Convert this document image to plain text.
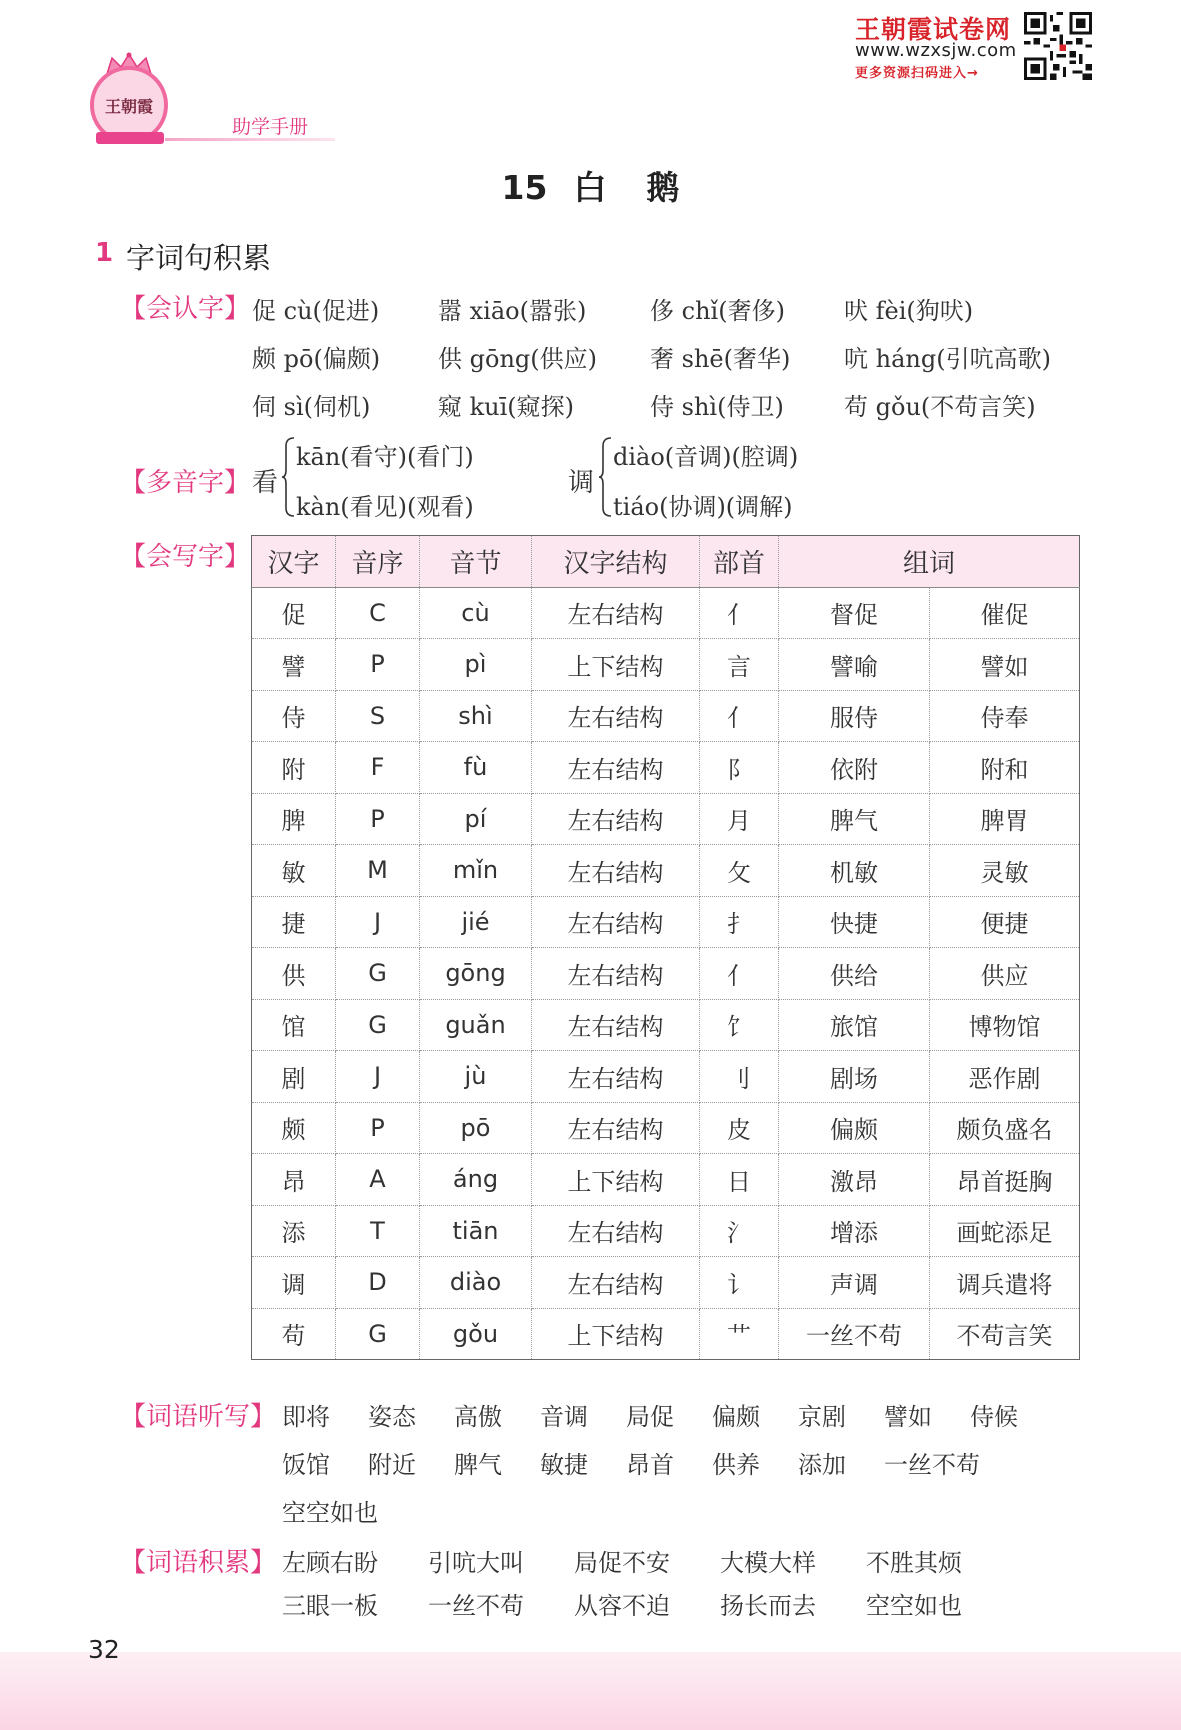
王朝霞
助学手册
王朝霞试卷网
www.wzxsjw.com
更多资源扫码进入→
15 白 鹅
1 字词句积累
【会认字】 促 cù(促进) 嚣 xiāo(嚣张)	侈 chǐ(奢侈) 吠 fèi(狗吠)
颇 pō(偏颇) 供 gōng(供应) 奢 shē(奢华) 吭 háng(引吭高歌)
伺 sì(伺机)	窥 kuī(窥探)	侍 shì(侍卫)	苟 gǒu(不苟言笑)
【多音字】 看
kān(看守)(看门)
kàn(看见)(观看)
调
diào(音调)(腔调)
tiáo(协调)(调解)
【会写字】 汉字	音序	音节	汉字结构	部首	组词	
促	C	cù	左右结构	亻	督促	催促
譬	P	pì	上下结构	言	譬喻	譬如
侍	S	shì	左右结构	亻	服侍	侍奉
附	F	fù	左右结构	阝	依附	附和
脾	P	pí	左右结构	月	脾气	脾胃
敏	M	mǐn	左右结构	攵	机敏	灵敏
捷	J	jié	左右结构	扌	快捷	便捷
供	G	gōng	左右结构	亻	供给	供应
馆	G	guǎn	左右结构	饣	旅馆	博物馆
剧	J	jù	左右结构	刂	剧场	恶作剧
颇	P	pō	左右结构	皮	偏颇	颇负盛名
昂	A	áng	上下结构	日	激昂	昂首挺胸
添	T	tiān	左右结构	氵	增添	画蛇添足
调	D	diào	左右结构	讠	声调	调兵遣将
苟	G	gǒu	上下结构	艹	一丝不苟	不苟言笑
【词语听写】 即将 姿态 高傲 音调 局促 偏颇 京剧 譬如 侍候
饭馆 附近 脾气 敏捷 昂首 供养 添加 一丝不苟
空空如也
【词语积累】 左顾右盼 引吭大叫 局促不安 大模大样 不胜其烦
三眼一板 一丝不苟 从容不迫 扬长而去 空空如也
32
